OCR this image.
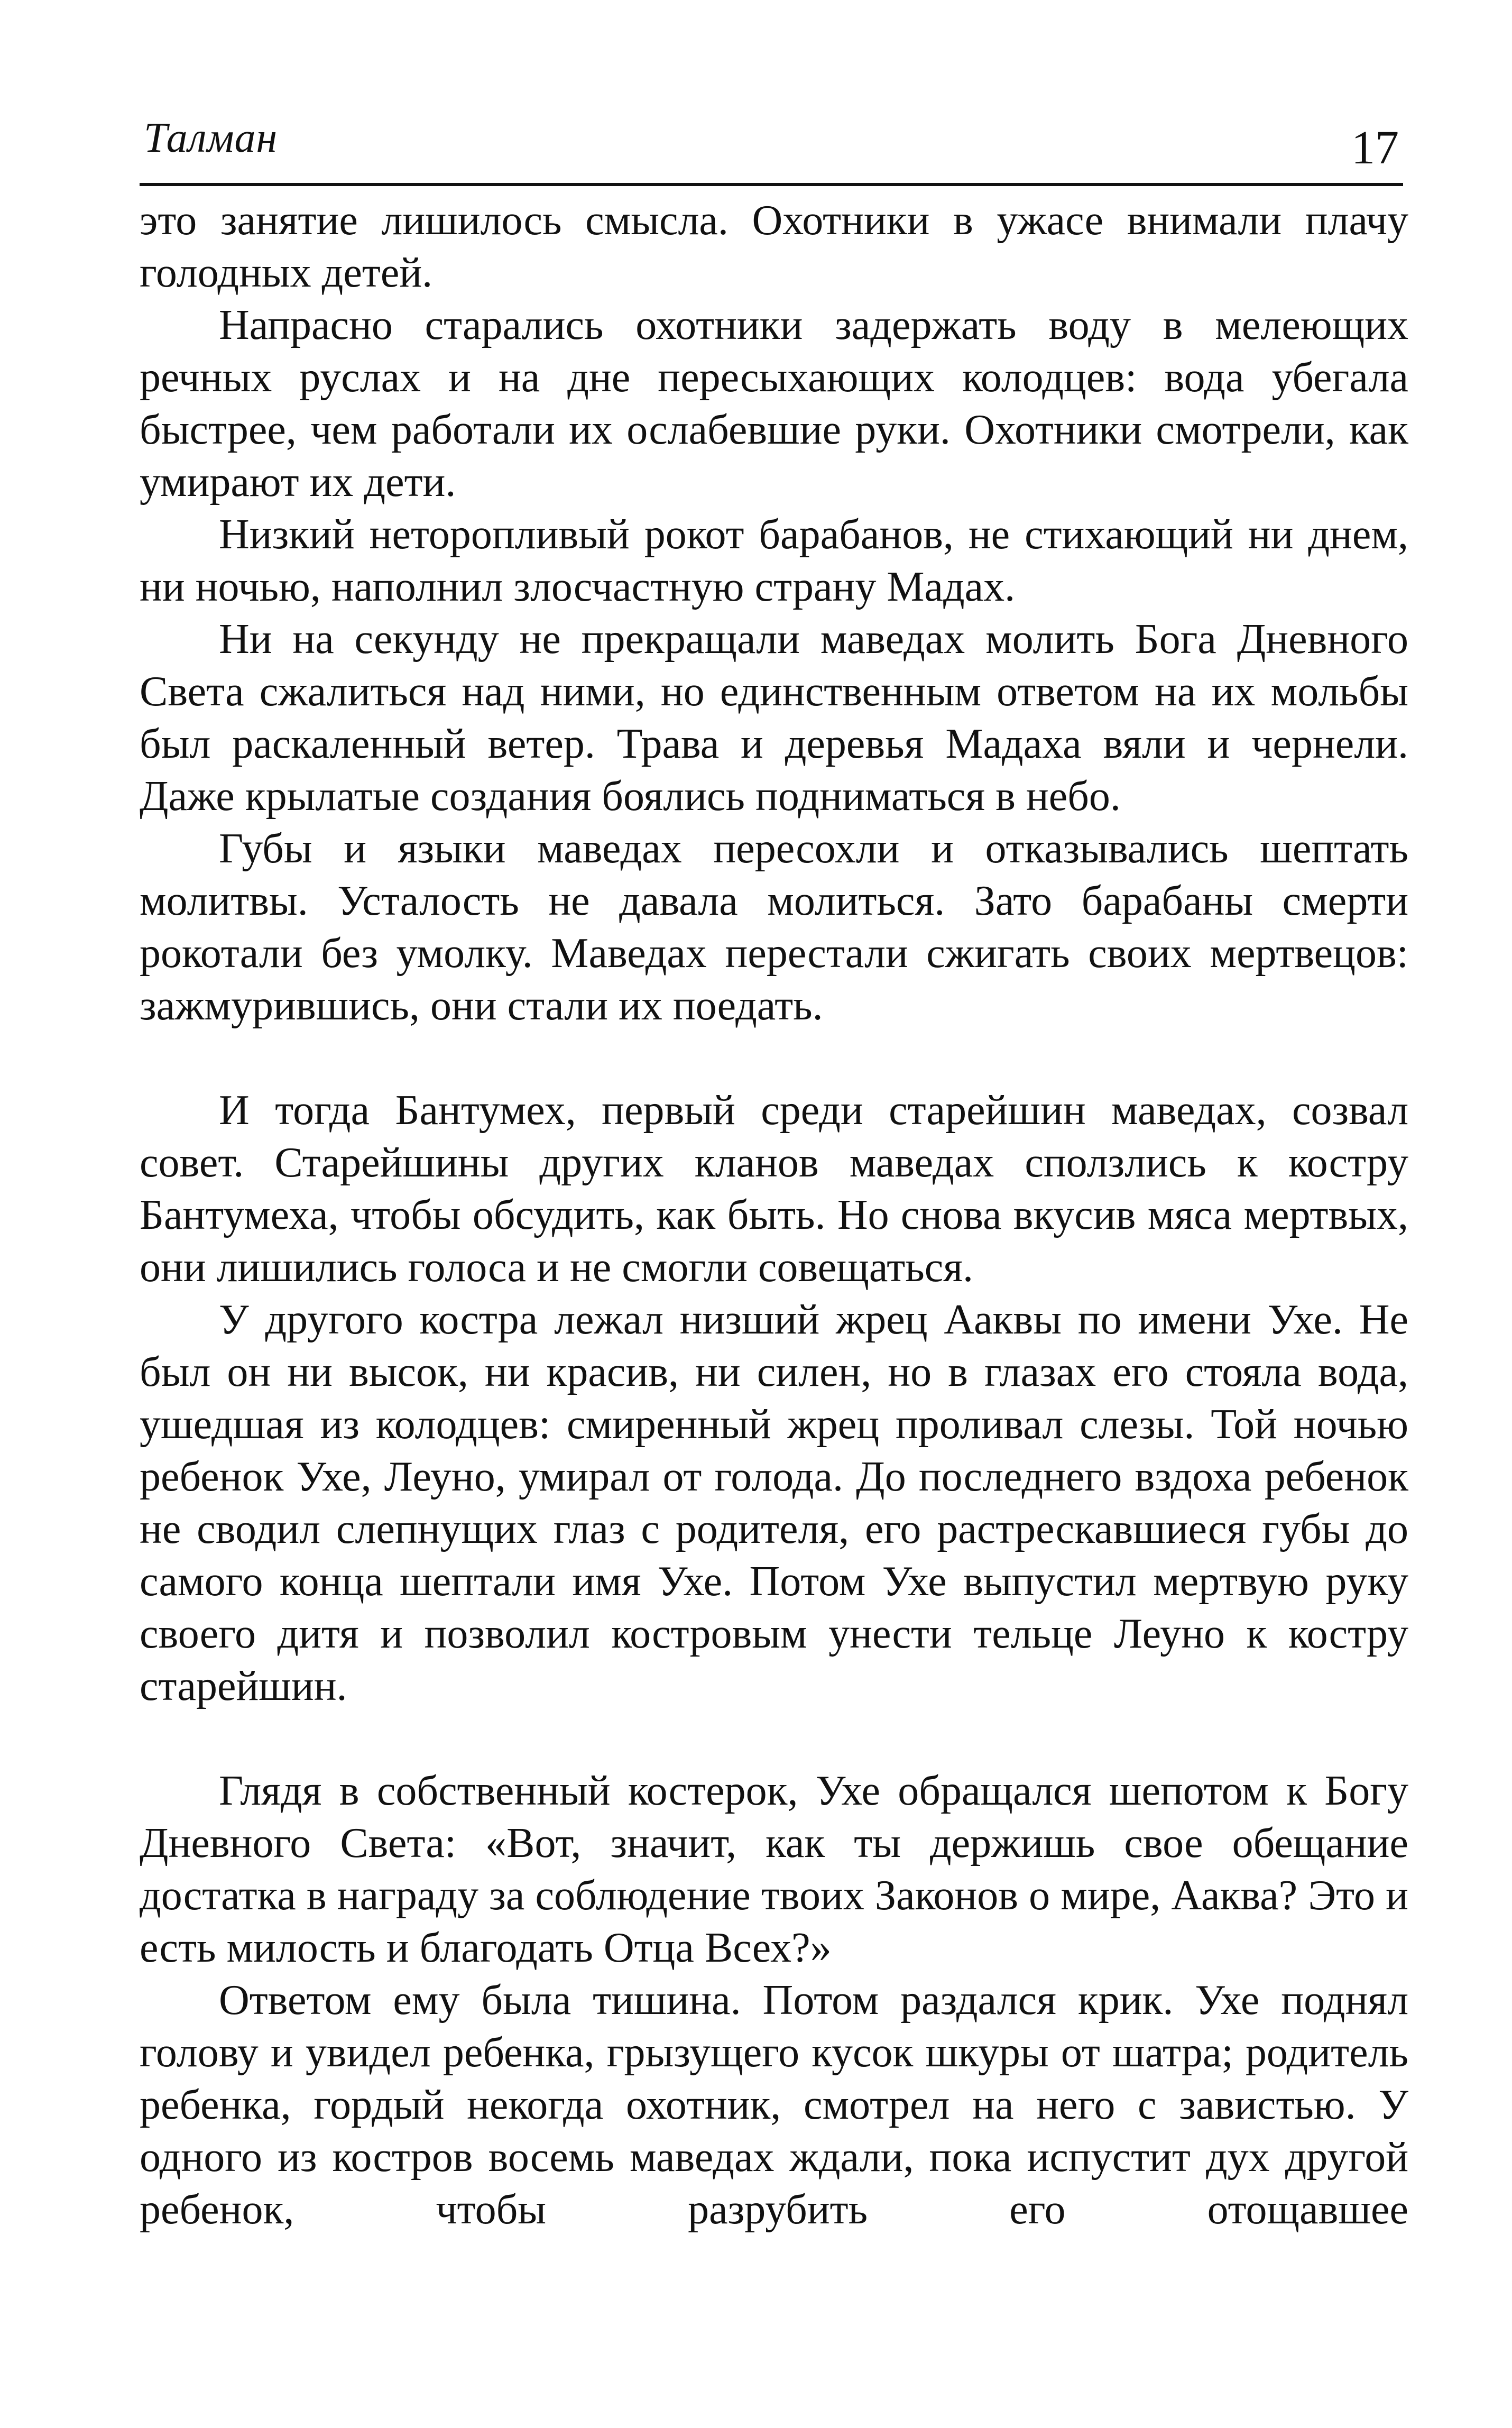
Талман	17

это занятие лишилось смысла. Охотники в ужасе внимали плачу голодных детей.

Напрасно старались охотники задержать воду в мелеющих речных руслах и на дне пересыхающих колодцев: вода убегала быстрее, чем работали их ослабевшие руки. Охотники смотрели, как умирают их дети.

Низкий неторопливый рокот барабанов, не стихающий ни днем, ни ночью, наполнил злосчастную страну Мадах.

Ни на секунду не прекращали маведах молить Бога Дневного Света сжалиться над ними, но единственным ответом на их мольбы был раскаленный ветер. Трава и деревья Мадаха вяли и чернели. Даже крылатые создания боялись подниматься в небо.

Губы и языки маведах пересохли и отказывались шептать молитвы. Усталость не давала молиться. Зато барабаны смерти рокотали без умолку. Маведах перестали сжигать своих мертвецов: зажмурившись, они стали их поедать.

И тогда Бантумех, первый среди старейшин маведах, созвал совет. Старейшины других кланов маведах сползлись к костру Бантумеха, чтобы обсудить, как быть. Но снова вкусив мяса мертвых, они лишились голоса и не смогли совещаться.

У другого костра лежал низший жрец Ааквы по имени Ухе. Не был он ни высок, ни красив, ни силен, но в глазах его стояла вода, ушедшая из колодцев: смиренный жрец проливал слезы. Той ночью ребенок Ухе, Леуно, умирал от голода. До последнего вздоха ребенок не сводил слепнущих глаз с родителя, его растрескавшиеся губы до самого конца шептали имя Ухе. Потом Ухе выпустил мертвую руку своего дитя и позволил костровым унести тельце Леуно к костру старейшин.

Глядя в собственный костерок, Ухе обращался шепотом к Богу Дневного Света: «Вот, значит, как ты держишь свое обещание достатка в награду за соблюдение твоих Законов о мире, Ааква? Это и есть милость и благодать Отца Всех?»

Ответом ему была тишина. Потом раздался крик. Ухе поднял голову и увидел ребенка, грызущего кусок шкуры от шатра; родитель ребенка, гордый некогда охотник, смотрел на него с завистью. У одного из костров восемь маведах ждали, пока испустит дух другой ребенок, чтобы разрубить его отощавшее
